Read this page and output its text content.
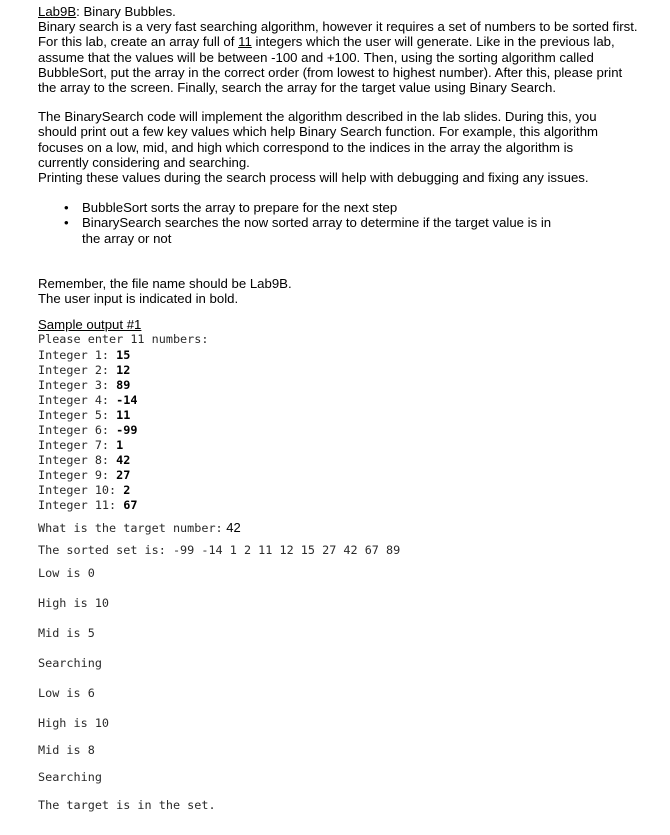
Lab9B: Binary Bubbles.

Binary search is a very fast searching algorithm, however it requires a set of numbers to be sorted first.

For this lab, create an array full of 11 integers which the user will generate. Like in the previous lab,

assume that the values will be between -100 and +100. Then, using the sorting algorithm called

BubbleSort, put the array in the correct order (from lowest to highest number). After this, please print

the array to the screen. Finally, search the array for the target value using Binary Search.

The BinarySearch code will implement the algorithm described in the lab slides. During this, you

should print out a few key values which help Binary Search function. For example, this algorithm

focuses on a low, mid, and high which correspond to the indices in the array the algorithm is

currently considering and searching.

Printing these values during the search process will help with debugging and fixing any issues.

• BubbleSort sorts the array to prepare for the next step
• BinarySearch searches the now sorted array to determine if the target value is in
the array or not

Remember, the file name should be Lab9B.

The user input is indicated in bold.

Sample output #1

Please enter 11 numbers:
Integer 1: 15
Integer 2: 12
Integer 3: 89
Integer 4: -14
Integer 5: 11
Integer 6: -99
Integer 7: 1
Integer 8: 42
Integer 9: 27
Integer 10: 2
Integer 11: 67
What is the target number: 42
The sorted set is: -99 -14 1 2 11 12 15 27 42 67 89
Low is 0
High is 10
Mid is 5
Searching
Low is 6
High is 10
Mid is 8
Searching
The target is in the set.
